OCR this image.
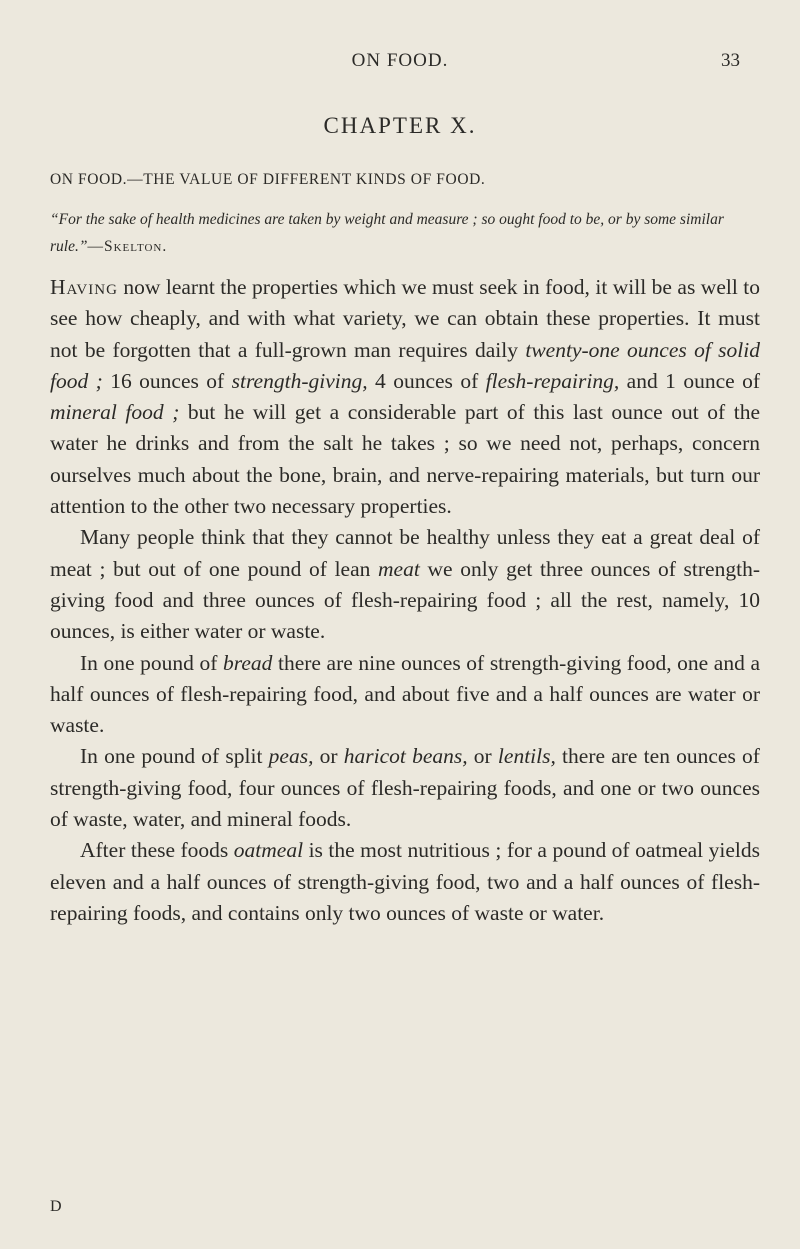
ON FOOD.	33
CHAPTER X.
ON FOOD.—THE VALUE OF DIFFERENT KINDS OF FOOD.
“For the sake of health medicines are taken by weight and measure ; so ought food to be, or by some similar rule.”—Skelton.

Having now learnt the properties which we must seek in food, it will be as well to see how cheaply, and with what variety, we can obtain these properties. It must not be forgotten that a full-grown man requires daily twenty-one ounces of solid food ; 16 ounces of strength-giving, 4 ounces of flesh-repairing, and 1 ounce of mineral food ; but he will get a considerable part of this last ounce out of the water he drinks and from the salt he takes ; so we need not, perhaps, concern ourselves much about the bone, brain, and nerve-repairing materials, but turn our attention to the other two necessary properties.

Many people think that they cannot be healthy unless they eat a great deal of meat ; but out of one pound of lean meat we only get three ounces of strength-giving food and three ounces of flesh-repairing food ; all the rest, namely, 10 ounces, is either water or waste.

In one pound of bread there are nine ounces of strength-giving food, one and a half ounces of flesh-repairing food, and about five and a half ounces are water or waste.

In one pound of split peas, or haricot beans, or lentils, there are ten ounces of strength-giving food, four ounces of flesh-repairing foods, and one or two ounces of waste, water, and mineral foods.

After these foods oatmeal is the most nutritious ; for a pound of oatmeal yields eleven and a half ounces of strength-giving food, two and a half ounces of flesh-repairing foods, and contains only two ounces of waste or water.

D
